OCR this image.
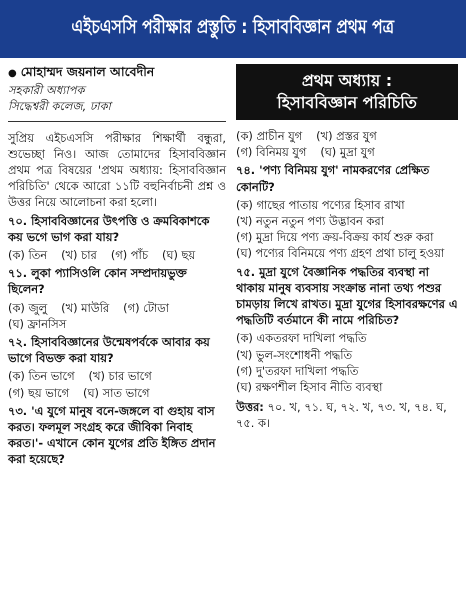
এইচএসসি পরীক্ষার প্রস্তুতি : হিসাববিজ্ঞান প্রথম পত্র
● মোহাম্মদ জয়নাল আবেদীন
সহকারী অধ্যাপক
সিদ্ধেশ্বরী কলেজ, ঢাকা

সুপ্রিয় এইচএসসি পরীক্ষার শিক্ষার্থী বন্ধুরা, শুভেচ্ছা নিও। আজ তোমাদের হিসাববিজ্ঞান প্রথম পত্র বিষয়ের 'প্রথম অধ্যায়: হিসাববিজ্ঞান পরিচিতি' থেকে আরো ১১টি বহুনির্বাচনী প্রশ্ন ও উত্তর নিয়ে আলোচনা করা হলো।

৭০. হিসাববিজ্ঞানের উৎপত্তি ও ক্রমবিকাশকে কয় ভগে ভাগ করা যায়?
(ক) তিন (খ) চার (গ) পাঁচ (ঘ) ছয়
৭১. লুকা প্যাসিওলি কোন সম্প্রদায়ভুক্ত ছিলেন?
(ক) জুলু (খ) মাউরি (গ) টোডা
(ঘ) ফ্রানসিস
৭২. হিসাববিজ্ঞানের উন্মেষপর্বকে আবার কয় ভাগে বিভক্ত করা যায়?
(ক) তিন ভাগে (খ) চার ভাগে
(গ) ছয় ভাগে (ঘ) সাত ভাগে
৭৩. 'এ যুগে মানুষ বনে-জঙ্গলে বা গুহায় বাস করত। ফলমূল সংগ্রহ করে জীবিকা নিবাহ করত।'- এখানে কোন যুগের প্রতি ইঙ্গিত প্রদান করা হয়েছে?
প্রথম অধ্যায় :
হিসাববিজ্ঞান পরিচিতি
(ক) প্রাচীন যুগ (খ) প্রস্তর যুগ
(গ) বিনিময় যুগ (ঘ) মুদ্রা যুগ
৭৪. 'পণ্য বিনিময় যুগ' নামকরণের প্রেক্ষিত কোনটি?
(ক) গাছের পাতায় পণ্যের হিসাব রাখা
(খ) নতুন নতুন পণ্য উদ্ভাবন করা
(গ) মুদ্রা দিয়ে পণ্য ক্রয়-বিক্রয় কার্য শুরু করা
(ঘ) পণ্যের বিনিময়ে পণ্য গ্রহণ প্রথা চালু হওয়া
৭৫. মুদ্রা যুগে বৈজ্ঞানিক পদ্ধতির ব্যবস্থা না থাকায় মানুষ ব্যবসায় সংক্রান্ত নানা তথ্য পশুর চামড়ায় লিখে রাখত। মুদ্রা যুগের হিসাবরক্ষণের এ পদ্ধতিটি বর্তমানে কী নামে পরিচিত?
(ক) একতরফা দাখিলা পদ্ধতি
(খ) ভুল-সংশোধনী পদ্ধতি
(গ) দু'তরফা দাখিলা পদ্ধতি
(ঘ) রক্ষণশীল হিসাব নীতি ব্যবস্থা
উত্তর: ৭০. খ, ৭১. ঘ, ৭২. খ, ৭৩. খ, ৭৪. ঘ, ৭৫. ক।
